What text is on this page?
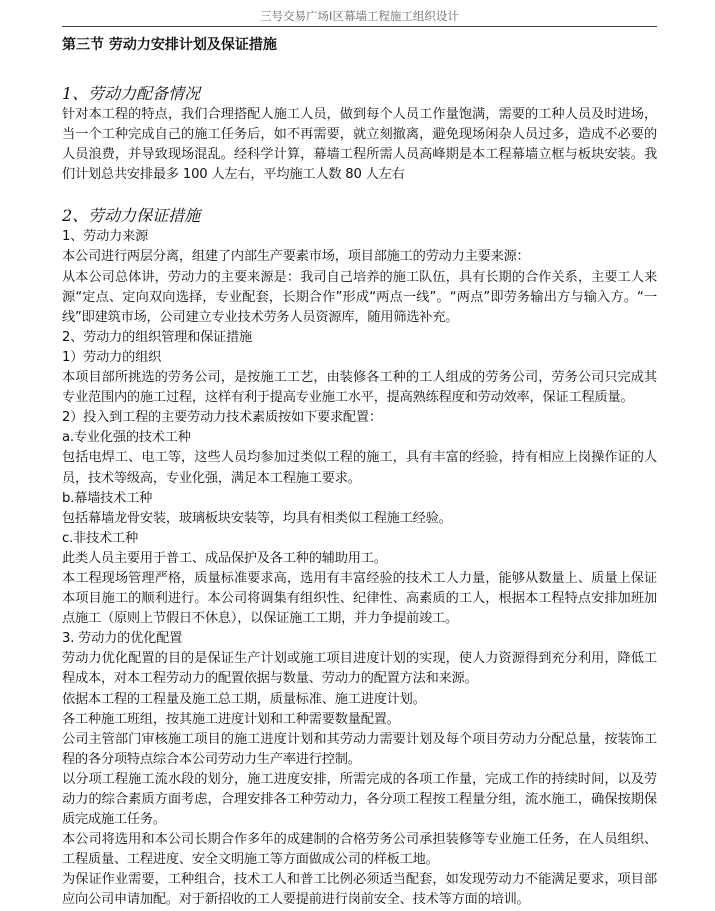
三号交易广场Ⅰ区幕墙工程施工组织设计
第三节 劳动力安排计划及保证措施
1、劳动力配备情况
针对本工程的特点，我们合理搭配人施工人员，做到每个人员工作量饱满，需要的工种人员及时进场，当一个工种完成自己的施工任务后，如不再需要，就立刻撤离，避免现场闲杂人员过多，造成不必要的人员浪费，并导致现场混乱。经科学计算，幕墙工程所需人员高峰期是本工程幕墙立框与板块安装。我们计划总共安排最多 100 人左右，平均施工人数 80 人左右
2、劳动力保证措施
1、劳动力来源
本公司进行两层分离，组建了内部生产要素市场，项目部施工的劳动力主要来源：
从本公司总体讲，劳动力的主要来源是：我司自己培养的施工队伍，具有长期的合作关系，主要工人来源“定点、定向双向选择，专业配套，长期合作”形成“两点一线”。“两点”即劳务输出方与输入方。“一线”即建筑市场，公司建立专业技术劳务人员资源库，随用筛选补充。
2、劳动力的组织管理和保证措施
1）劳动力的组织
本项目部所挑选的劳务公司，是按施工工艺，由装修各工种的工人组成的劳务公司，劳务公司只完成其专业范围内的施工过程，这样有利于提高专业施工水平，提高熟练程度和劳动效率，保证工程质量。
2）投入到工程的主要劳动力技术素质按如下要求配置：
a.专业化强的技术工种
包括电焊工、电工等，这些人员均参加过类似工程的施工，具有丰富的经验，持有相应上岗操作证的人员，技术等级高，专业化强，满足本工程施工要求。
b.幕墙技术工种
包括幕墙龙骨安装，玻璃板块安装等，均具有相类似工程施工经验。
c.非技术工种
此类人员主要用于普工、成品保护及各工种的辅助用工。
本工程现场管理严格，质量标准要求高，选用有丰富经验的技术工人力量，能够从数量上、质量上保证本项目施工的顺利进行。本公司将调集有组织性、纪律性、高素质的工人，根据本工程特点安排加班加点施工（原则上节假日不休息），以保证施工工期，并力争提前竣工。
3. 劳动力的优化配置
劳动力优化配置的目的是保证生产计划或施工项目进度计划的实现，使人力资源得到充分利用，降低工程成本，对本工程劳动力的配置依据与数量、劳动力的配置方法和来源。
依据本工程的工程量及施工总工期，质量标准、施工进度计划。
各工种施工班组，按其施工进度计划和工种需要数量配置。
公司主管部门审核施工项目的施工进度计划和其劳动力需要计划及每个项目劳动力分配总量，按装饰工程的各分项特点综合本公司劳动力生产率进行控制。
以分项工程施工流水段的划分，施工进度安排，所需完成的各项工作量，完成工作的持续时间，以及劳动力的综合素质方面考虑，合理安排各工种劳动力，各分项工程按工程量分组，流水施工，确保按期保质完成施工任务。
本公司将选用和本公司长期合作多年的成建制的合格劳务公司承担装修等专业施工任务，在人员组织、工程质量、工程进度、安全文明施工等方面做成公司的样板工地。
为保证作业需要，工种组合，技术工人和普工比例必须适当配套，如发现劳动力不能满足要求，项目部应向公司申请加配。对于新招收的工人要提前进行岗前安全、技术等方面的培训。
